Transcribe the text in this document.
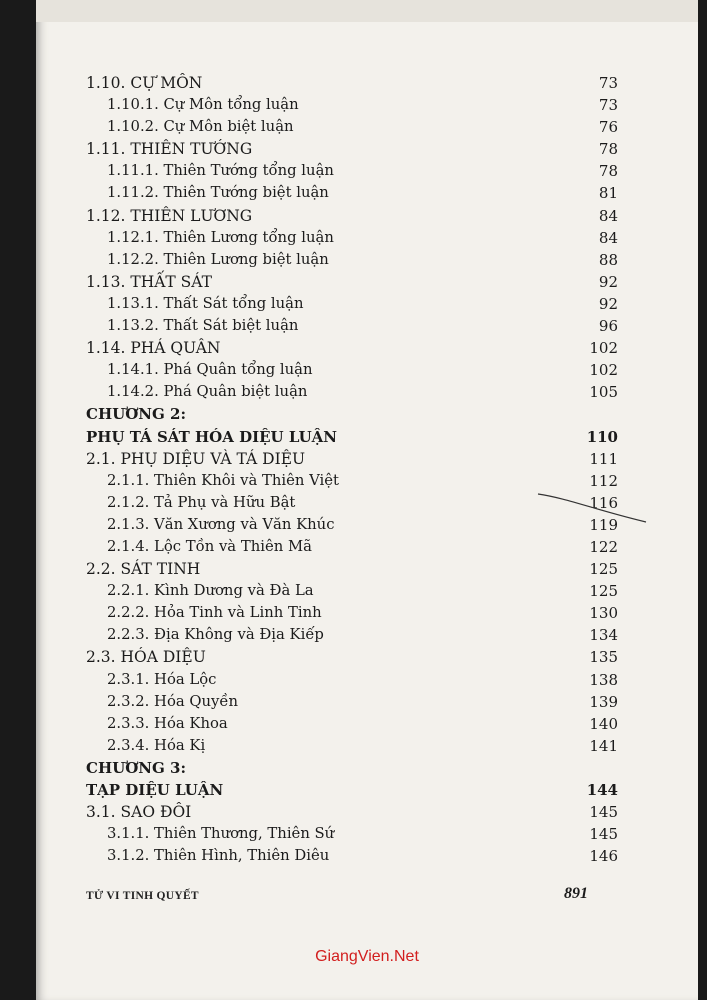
1.10. CỰ MÔN	73
1.10.1. Cự Môn tổng luận	73
1.10.2. Cự Môn biệt luận	76
1.11. THIÊN TƯỚNG	78
1.11.1. Thiên Tướng tổng luận	78
1.11.2. Thiên Tướng biệt luận	81
1.12. THIÊN LƯƠNG	84
1.12.1. Thiên Lương tổng luận	84
1.12.2. Thiên Lương biệt luận	88
1.13. THẤT SÁT	92
1.13.1. Thất Sát tổng luận	92
1.13.2. Thất Sát biệt luận	96
1.14. PHÁ QUÂN	102
1.14.1. Phá Quân tổng luận	102
1.14.2. Phá Quân biệt luận	105
CHƯƠNG 2:
PHỤ TÁ SÁT HÓA DIỆU LUẬN	110
2.1. PHỤ DIỆU VÀ TÁ DIỆU	111
2.1.1. Thiên Khôi và Thiên Việt	112
2.1.2. Tả Phụ và Hữu Bật	116
2.1.3. Văn Xương và Văn Khúc	119
2.1.4. Lộc Tồn và Thiên Mã	122
2.2. SÁT TINH	125
2.2.1. Kình Dương và Đà La	125
2.2.2. Hỏa Tinh và Linh Tinh	130
2.2.3. Địa Không và Địa Kiếp	134
2.3. HÓA DIỆU	135
2.3.1. Hóa Lộc	138
2.3.2. Hóa Quyền	139
2.3.3. Hóa Khoa	140
2.3.4. Hóa Kị	141
CHƯƠNG 3:
TẠP DIỆU LUẬN	144
3.1. SAO ĐÔI	145
3.1.1. Thiên Thương, Thiên Sứ	145
3.1.2. Thiên Hình, Thiên Diêu	146
TỬ VI TINH QUYẾT	891
GiangVien.Net
